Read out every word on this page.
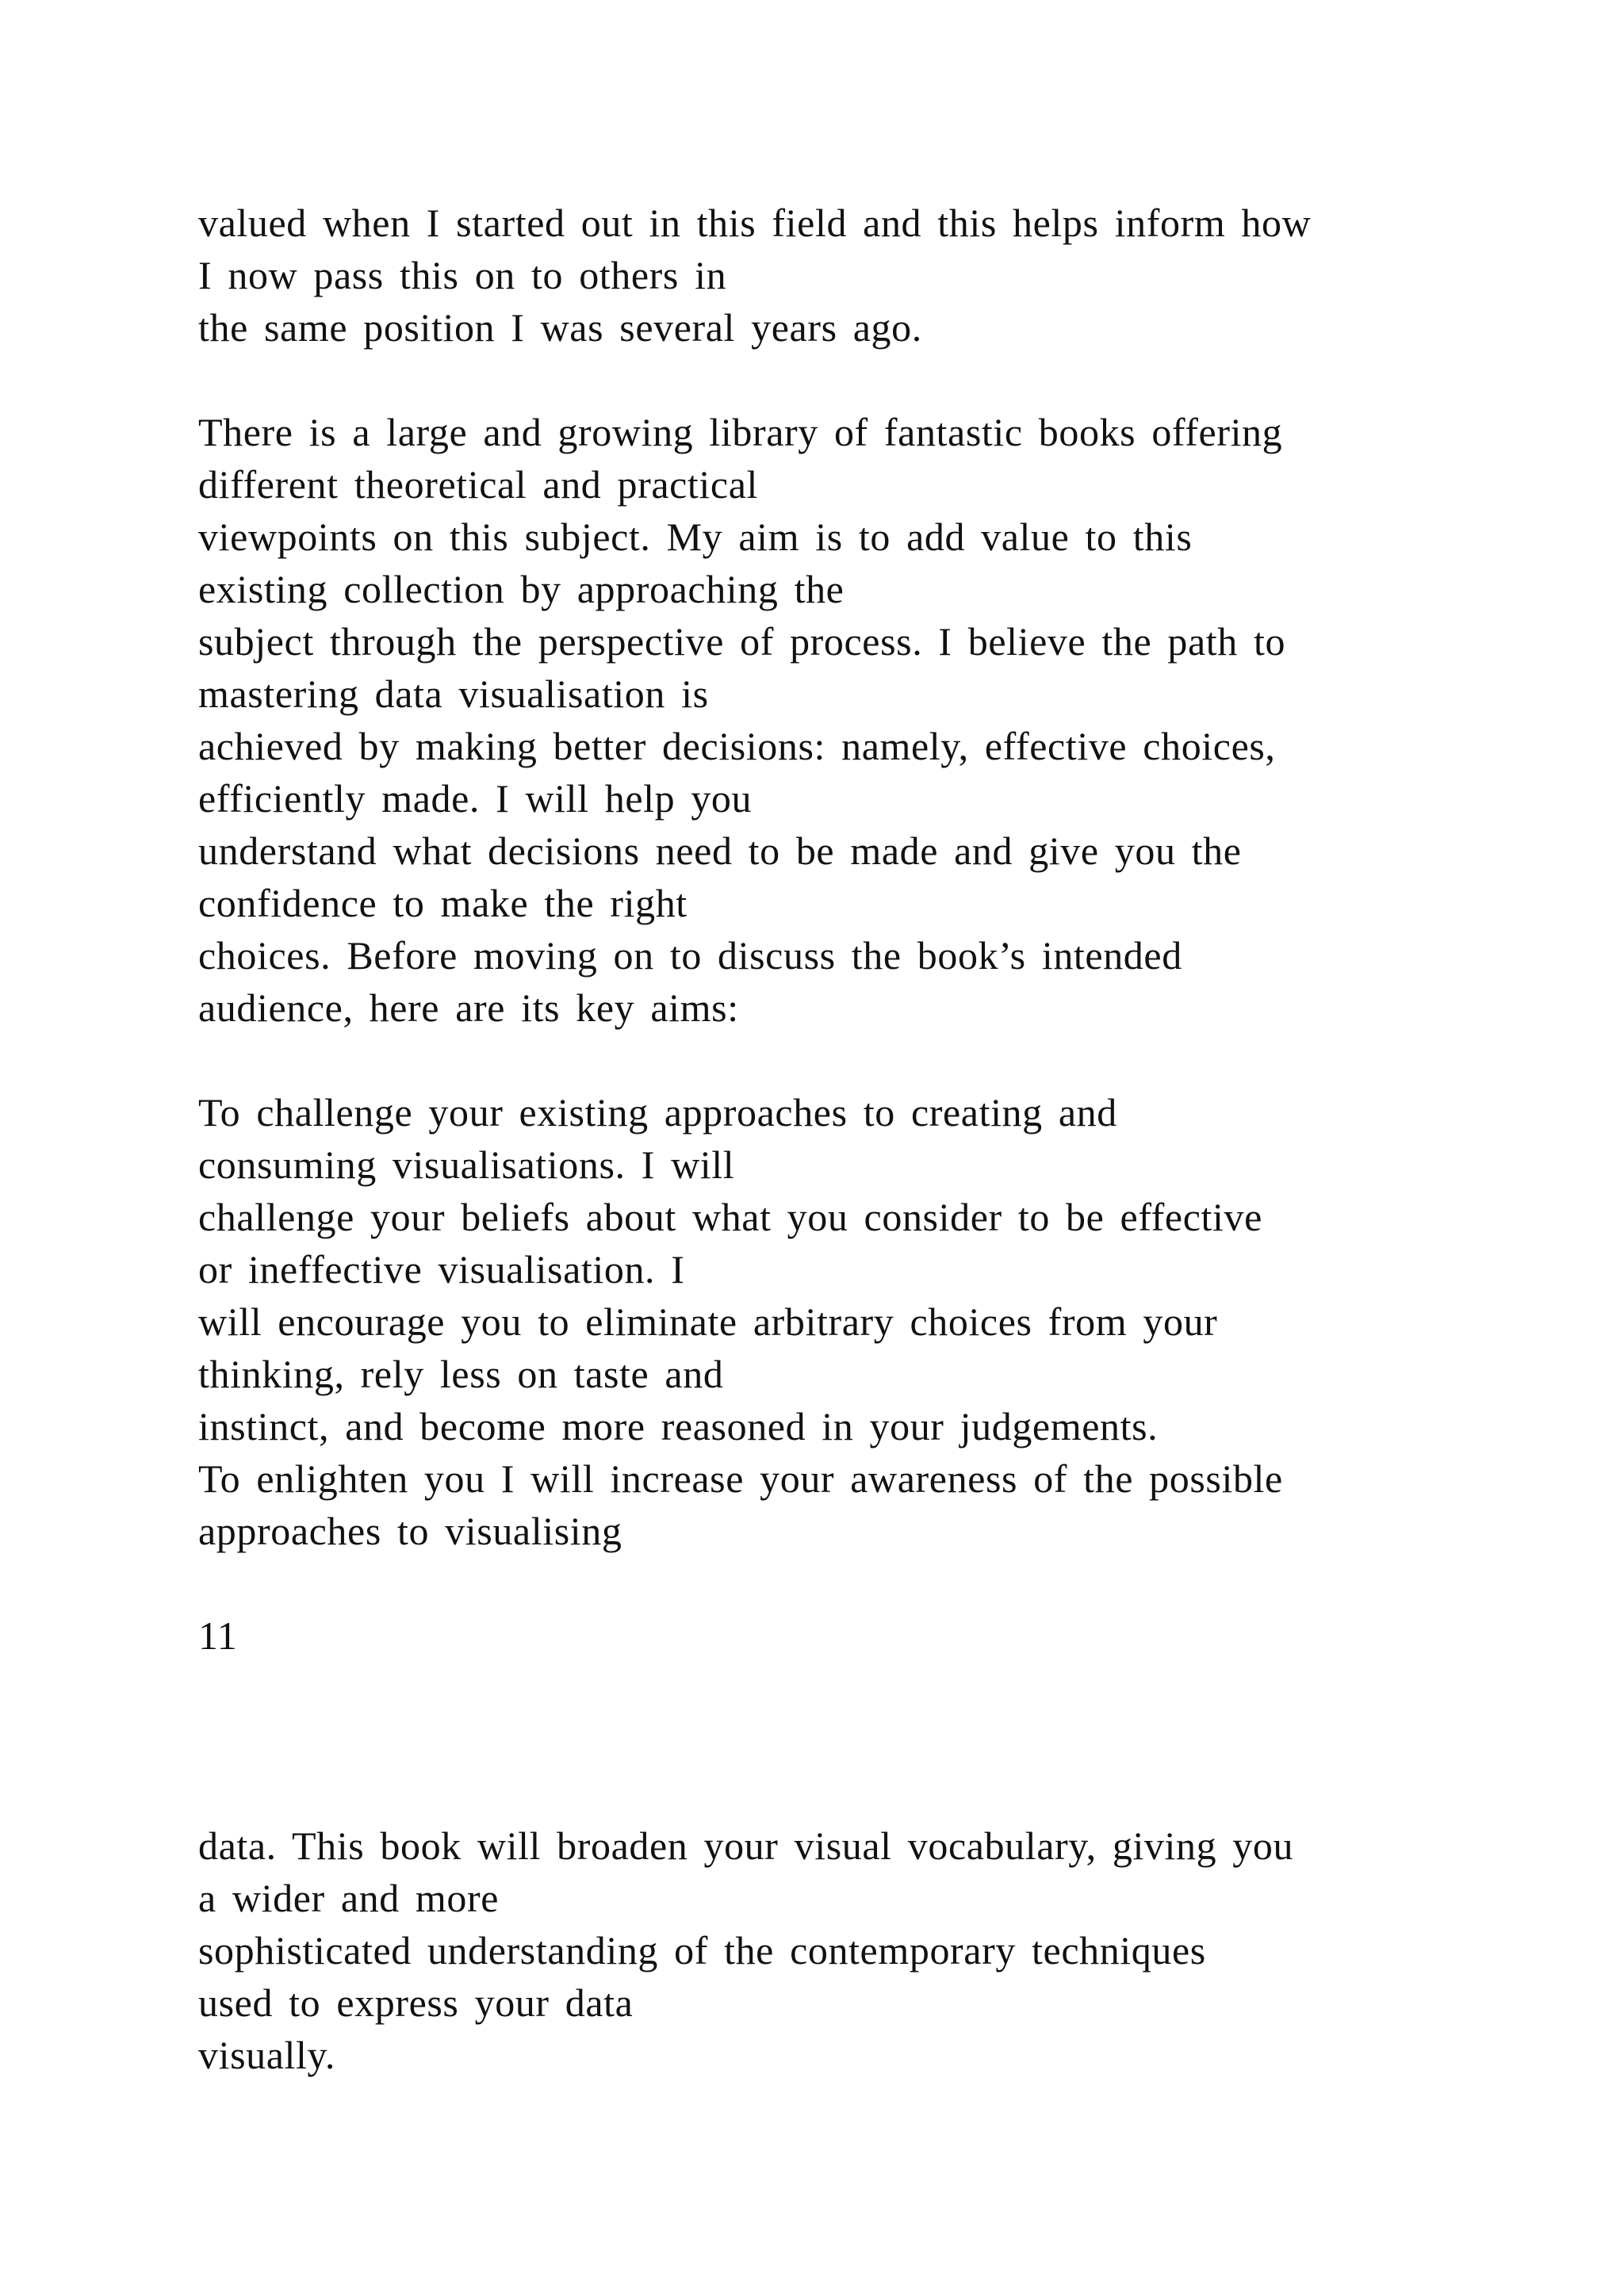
valued when I started out in this field and this helps inform how
I now pass this on to others in
the same position I was several years ago.
There is a large and growing library of fantastic books offering
different theoretical and practical
viewpoints on this subject. My aim is to add value to this
existing collection by approaching the
subject through the perspective of process. I believe the path to
mastering data visualisation is
achieved by making better decisions: namely, effective choices,
efficiently made. I will help you
understand what decisions need to be made and give you the
confidence to make the right
choices. Before moving on to discuss the book’s intended
audience, here are its key aims:
To challenge your existing approaches to creating and
consuming visualisations. I will
challenge your beliefs about what you consider to be effective
or ineffective visualisation. I
will encourage you to eliminate arbitrary choices from your
thinking, rely less on taste and
instinct, and become more reasoned in your judgements.
To enlighten you I will increase your awareness of the possible
approaches to visualising
11
data. This book will broaden your visual vocabulary, giving you
a wider and more
sophisticated understanding of the contemporary techniques
used to express your data
visually.
